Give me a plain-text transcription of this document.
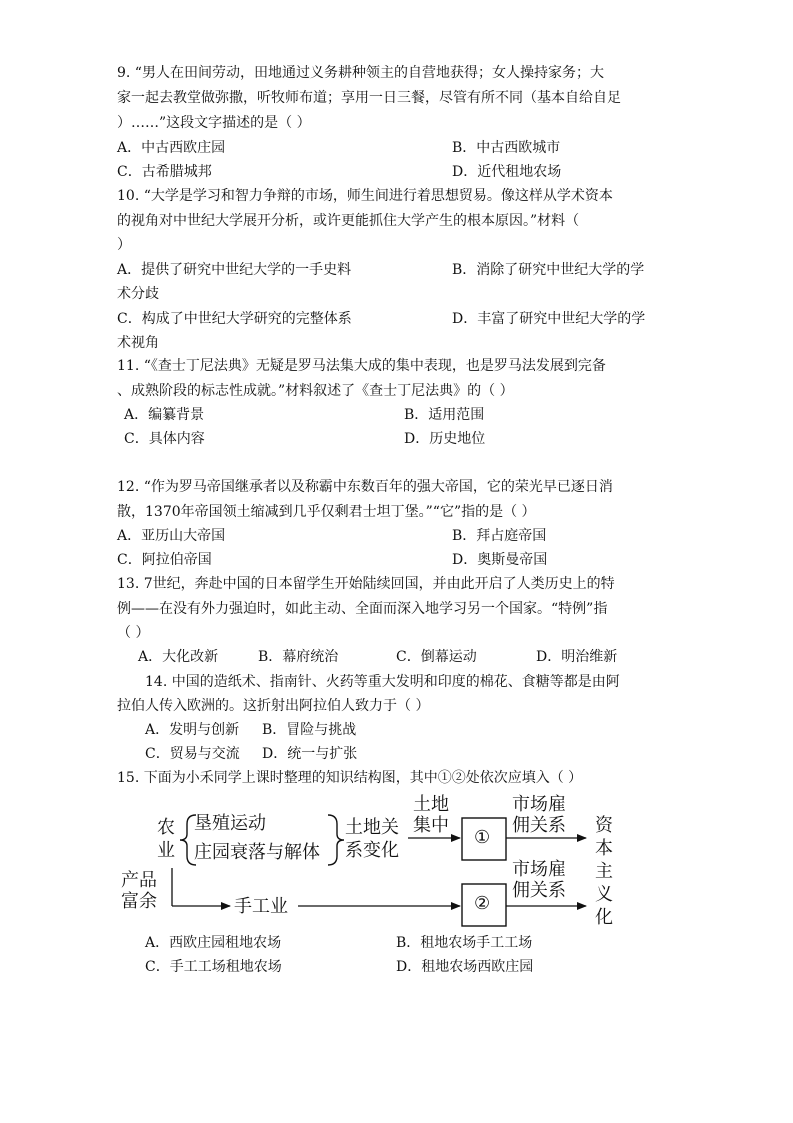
9. “男人在田间劳动，田地通过义务耕种领主的自营地获得；女人操持家务；大
家一起去教堂做弥撒，听牧师布道；享用一日三餐，尽管有所不同（基本自给自足
）……”这段文字描述的是（ ）
A．中古西欧庄园	B．中古西欧城市
C．古希腊城邦	D．近代租地农场
10. “大学是学习和智力争辩的市场，师生间进行着思想贸易。像这样从学术资本
的视角对中世纪大学展开分析，或许更能抓住大学产生的根本原因。”材料（
）
A．提供了研究中世纪大学的一手史料	B．消除了研究中世纪大学的学
术分歧
C．构成了中世纪大学研究的完整体系	D．丰富了研究中世纪大学的学
术视角
11. “《查士丁尼法典》无疑是罗马法集大成的集中表现，也是罗马法发展到完备
、成熟阶段的标志性成就。”材料叙述了《查士丁尼法典》的（ ）
A．编纂背景	B．适用范围
C．具体内容	D．历史地位
12. “作为罗马帝国继承者以及称霸中东数百年的强大帝国，它的荣光早已逐日消
散，1370年帝国领土缩减到几乎仅剩君士坦丁堡。”“它”指的是（ ）
A．亚历山大帝国	B．拜占庭帝国
C．阿拉伯帝国	D．奥斯曼帝国
13. 7世纪，奔赴中国的日本留学生开始陆续回国，并由此开启了人类历史上的特
例——在没有外力强迫时，如此主动、全面而深入地学习另一个国家。“特例”指
（ ）
A．大化改新	B．幕府统治	C．倒幕运动	D．明治维新
14. 中国的造纸术、指南针、火药等重大发明和印度的棉花、食糖等都是由阿
拉伯人传入欧洲的。这折射出阿拉伯人致力于（ ）
A．发明与创新 B．冒险与挑战
C．贸易与交流 D．统一与扩张
15. 下面为小禾同学上课时整理的知识结构图，其中①②处依次应填入（ ）
农
业
垦殖运动
庄园衰落与解体
土地关
系变化
土地
集中
①
②
市场雇
佣关系
市场雇
佣关系
产品
富余	手工业
资本主义化
A．西欧庄园租地农场	B．租地农场手工工场
C．手工工场租地农场	D．租地农场西欧庄园
